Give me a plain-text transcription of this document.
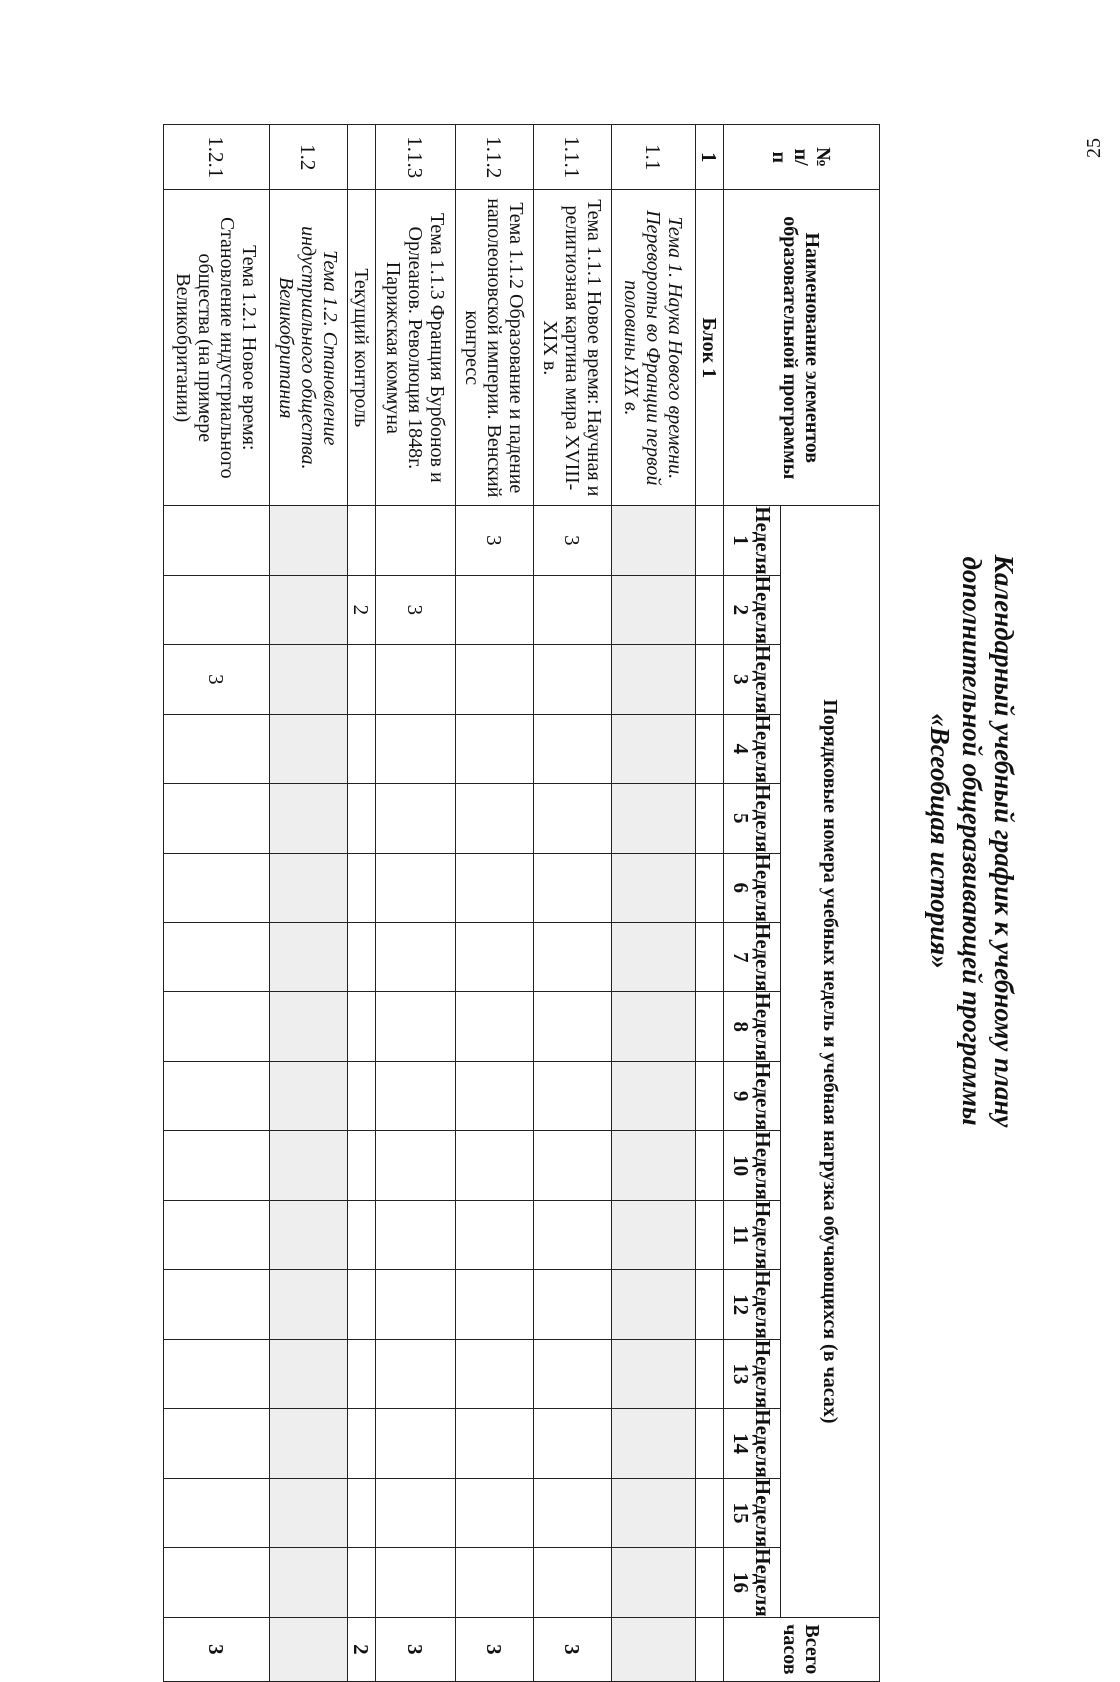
25
Календарный учебный график к учебному плану
дополнительной общеразвивающей программы
«Всеобщая история»
№ п/п	Наименование элементов образовательной программы	Порядковые номера учебных недель и учебная нагрузка обучающихся (в часах)																Всего часов
		Неделя 1	Неделя 2	Неделя 3	Неделя 4	Неделя 5	Неделя 6	Неделя 7	Неделя 8	Неделя 9	Неделя 10	Неделя 11	Неделя 12	Неделя 13	Неделя 14	Неделя 15	Неделя 16	
1	Блок 1																	
1.1	Тема 1. Наука Нового времени. Перевороты во Франции первой половины XIX в.																	
1.1.1	Тема 1.1.1 Новое время: Научная и религиозная картина мира XVIII-XIX в.	3																3
1.1.2	Тема 1.1.2 Образование и падение наполеоновской империи. Венский конгресс	3																3
1.1.3	Тема 1.1.3 Франция Бурбонов и Орлеанов. Революция 1848г. Парижская коммуна		3															3
	Текущий контроль		2															2
1.2	Тема 1.2. Становление индустриального общества. Великобритания																	
1.2.1	Тема 1.2.1 Новое время: Становление индустриального общества (на примере Великобритании)			3														3
